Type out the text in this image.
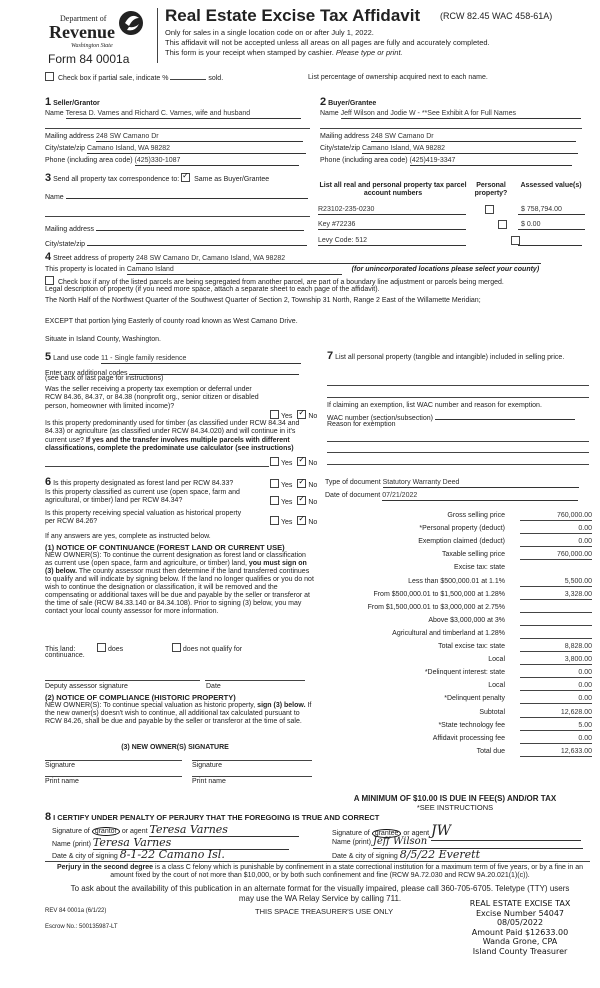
Department of
Revenue
Washington State
Form 84 0001a
Real Estate Excise Tax Affidavit (RCW 82.45 WAC 458-61A)
Only for sales in a single location code on or after July 1, 2022.
This affidavit will not be accepted unless all areas on all pages are fully and accurately completed.
This form is your receipt when stamped by cashier. Please type or print.
Check box if partial sale, indicate %	sold.	List percentage of ownership acquired next to each name.
1 Seller/Grantor
Name Teresa D. Varnes and Richard C. Varnes, wife and husband
Mailing address 248 SW Camano Dr
City/state/zip Camano Island, WA 98282
Phone (including area code) (425)330-1087
2 Buyer/Grantee
Name Jeff Wilson and Jodie W - **See Exhibit A for Full Names
Mailing address 248 SW Camano Dr
City/state/zip Camano Island, WA 98282
Phone (including area code) (425)419-3347
3 Send all property tax correspondence to: ✓ Same as Buyer/Grantee
Name
Mailing address
City/state/zip
List all real and personal property tax parcel account numbers
Personal property?
Assessed value(s)
R23102-235-0230
	$ 758,794.00
Key #72236
	$ 0.00
Levy Code: 512
4 Street address of property 248 SW Camano Dr, Camano Island, WA 98282
This property is located in Camano Island	(for unincorporated locations please select your county)
Check box if any of the listed parcels are being segregated from another parcel, are part of a boundary line adjustment or parcels being merged.
Legal description of property (if you need more space, attach a separate sheet to each page of the affidavit).
The North Half of the Northwest Quarter of the Southwest Quarter of Section 2, Township 31 North, Range 2 East of the Willamette Meridian;
EXCEPT that portion lying Easterly of county road known as West Camano Drive.
Situate in Island County, Washington.
5 Land use code 11 - Single family residence
Enter any additional codes
(see back of last page for instructions)
Was the seller receiving a property tax exemption or deferral under RCW 84.36, 84.37, or 84.38 (nonprofit org., senior citizen or disabled person, homeowner with limited income)?
Yes ✓ No
Is this property predominantly used for timber (as classified under RCW 84.34 and 84.33) or agriculture (as classified under RCW 84.34.020) and will continue in it's current use? If yes and the transfer involves multiple parcels with different classifications, complete the predominate use calculator (see instructions)
Yes ✓ No
7 List all personal property (tangible and intangible) included in selling price.
If claiming an exemption, list WAC number and reason for exemption.
WAC number (section/subsection)
Reason for exemption
6 Is this property designated as forest land per RCW 84.33?	Yes ✓ No
Is this property classified as current use (open space, farm and agricultural, or timber) land per RCW 84.34?	Yes ✓ No
Is this property receiving special valuation as historical property per RCW 84.26?	Yes ✓ No
If any answers are yes, complete as instructed below.
(1) NOTICE OF CONTINUANCE (FOREST LAND OR CURRENT USE)
NEW OWNER(S): To continue the current designation as forest land or classification as current use (open space, farm and agriculture, or timber) land, you must sign on (3) below. The county assessor must then determine if the land transferred continues to qualify and will indicate by signing below. If the land no longer qualifies or you do not wish to continue the designation or classification, it will be removed and the compensating or additional taxes will be due and payable by the seller or transferor at the time of sale (RCW 84.33.140 or 84.34.108). Prior to signing (3) below, you may contact your local county assessor for more information.
This land:	does	does not qualify for
continuance.
Deputy assessor signature	Date
(2) NOTICE OF COMPLIANCE (HISTORIC PROPERTY)
NEW OWNER(S): To continue special valuation as historic property, sign (3) below. If the new owner(s) doesn't wish to continue, all additional tax calculated pursuant to RCW 84.26, shall be due and payable by the seller or transferor at the time of sale.
(3) NEW OWNER(S) SIGNATURE
Signature	Signature
Print name	Print name
Type of document Statutory Warranty Deed
Date of document 07/21/2022
Gross selling price	760,000.00
*Personal property (deduct)	0.00
Exemption claimed (deduct)	0.00
Taxable selling price	760,000.00
Excise tax: state
Less than $500,000.01 at 1.1%	5,500.00
From $500,000.01 to $1,500,000 at 1.28%	3,328.00
From $1,500,000.01 to $3,000,000 at 2.75%
Above $3,000,000 at 3%
Agricultural and timberland at 1.28%
Total excise tax: state	8,828.00
Local	3,800.00
*Delinquent interest: state	0.00
Local	0.00
*Delinquent penalty	0.00
Subtotal	12,628.00
*State technology fee	5.00
Affidavit processing fee	0.00
Total due	12,633.00
A MINIMUM OF $10.00 IS DUE IN FEE(S) AND/OR TAX
*SEE INSTRUCTIONS
8 I CERTIFY UNDER PENALTY OF PERJURY THAT THE FOREGOING IS TRUE AND CORRECT
Signature of grantor or agent Teresa Varnes
Name (print) Teresa Varnes
Date & city of signing 8-1-22 Camano Isl.
Signature of grantee or agent JW
Name (print) Jeff Wilson
Date & city of signing 8/5/22 Everett
Perjury in the second degree is a class C felony which is punishable by confinement in a state correctional institution for a maximum term of five years, or by a fine in an amount fixed by the court of not more than $10,000, or by both such confinement and fine (RCW 9A.72.030 and RCW 9A.20.021(1)(c)).
To ask about the availability of this publication in an alternate format for the visually impaired, please call 360-705-6705. Teletype (TTY) users may use the WA Relay Service by calling 711.
REV 84 0001a (6/1/22)	THIS SPACE TREASURER'S USE ONLY
Escrow No.: 500135987-LT
REAL ESTATE EXCISE TAX
Excise Number 54047
08/05/2022
Amount Paid $12633.00
Wanda Grone, CPA
Island County Treasurer
